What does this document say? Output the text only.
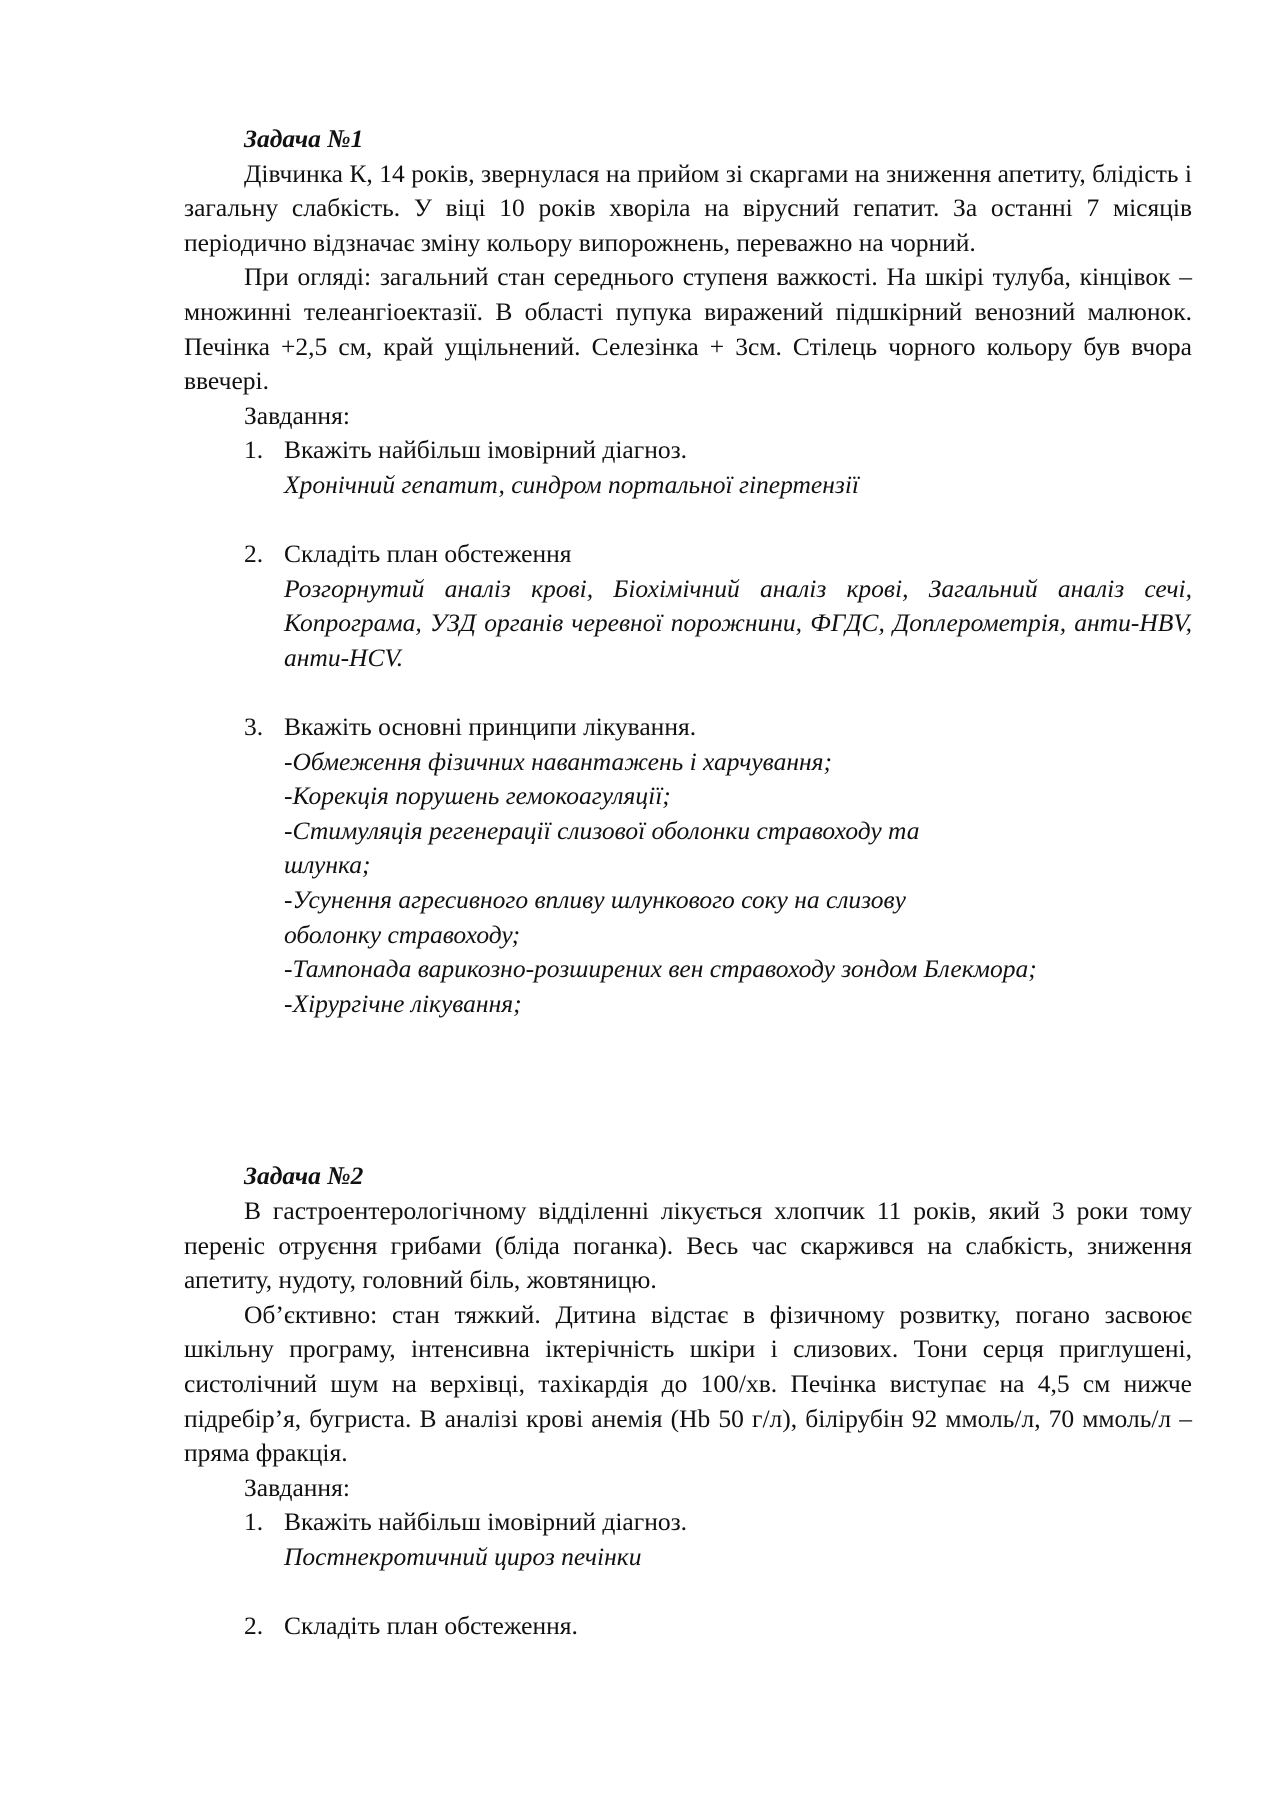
Задача №1

Дівчинка К, 14 років, звернулася на прийом зі скаргами на зниження апетиту, блідість і загальну слабкість. У віці 10 років хворіла на вірусний гепатит. За останні 7 місяців періодично відзначає зміну кольору випорожнень, переважно на чорний.

При огляді: загальний стан середнього ступеня важкості. На шкірі тулуба, кінцівок – множинні телеангіоектазії. В області пупука виражений підшкірний венозний малюнок. Печінка +2,5 см, край ущільнений. Селезінка + 3см. Стілець чорного кольору був вчора ввечері.

Завдання:

1. Вкажіть найбільш імовірний діагноз.
Хронічний гепатит, синдром портальної гіпертензії
2. Складіть план обстеження
Розгорнутий аналіз крові, Біохімічний аналіз крові, Загальний аналіз сечі, Копрограма, УЗД органів черевної порожнини, ФГДС, Доплерометрія, анти-HBV, анти-HCV.
3. Вкажіть основні принципи лікування.
-Обмеження фізичних навантажень і харчування;
-Корекція порушень гемокоагуляції;
-Стимуляція регенерації слизової оболонки стравоходу та
шлунка;
-Усунення агресивного впливу шлункового соку на слизову
оболонку стравоходу;
-Тампонада варикозно-розширених вен стравоходу зондом Блекмора;
-Хірургічне лікування;

Задача №2

В гастроентерологічному відділенні лікується хлопчик 11 років, який 3 роки тому переніс отруєння грибами (бліда поганка). Весь час скаржився на слабкість, зниження апетиту, нудоту, головний біль, жовтяницю.

Об’єктивно: стан тяжкий. Дитина відстає в фізичному розвитку, погано засвоює шкільну програму, інтенсивна іктерічність шкіри і слизових. Тони серця приглушені, систолічний шум на верхівці, тахікардія до 100/хв. Печінка виступає на 4,5 см нижче підребір’я, бугриста. В аналізі крові анемія (Hb 50 г/л), білірубін 92 ммоль/л, 70 ммоль/л – пряма фракція.

Завдання:

1. Вкажіть найбільш імовірний діагноз.
Постнекротичний цироз печінки
2. Складіть план обстеження.
